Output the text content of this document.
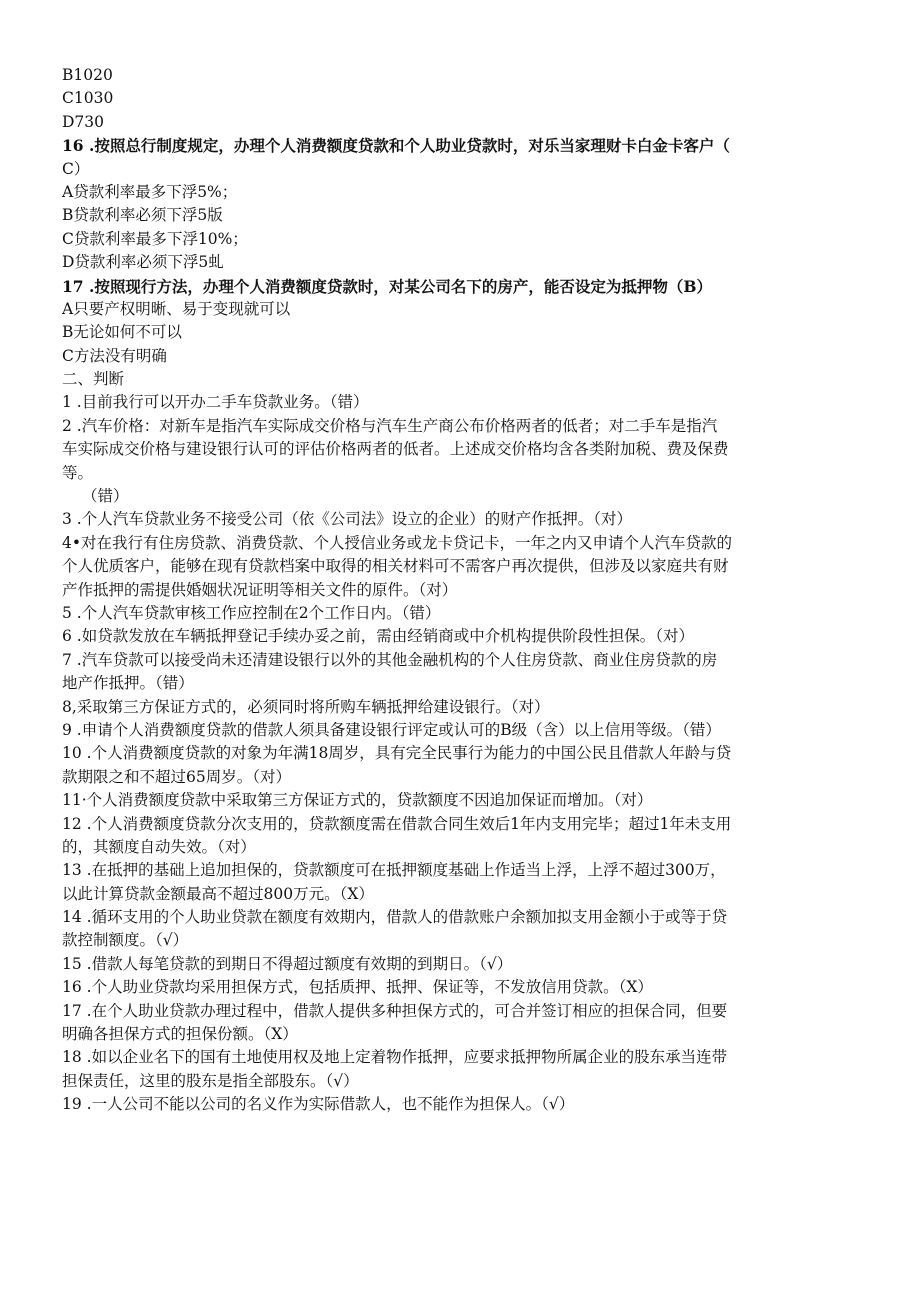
B1020
C1030
D730
16 .按照总行制度规定，办理个人消费额度贷款和个人助业贷款时，对乐当家理财卡白金卡客户（
C）
A贷款利率最多下浮5%；
B贷款利率必须下浮5版
C贷款利率最多下浮10%；
D贷款利率必须下浮5虬
17 .按照现行方法，办理个人消费额度贷款时，对某公司名下的房产，能否设定为抵押物（B）
A只要产权明晰、易于变现就可以
B无论如何不可以
C方法没有明确
二、判断
1 .目前我行可以开办二手车贷款业务。（错）
2 .汽车价格：对新车是指汽车实际成交价格与汽车生产商公布价格两者的低者；对二手车是指汽
车实际成交价格与建设银行认可的评估价格两者的低者。上述成交价格均含各类附加税、费及保费
等。
（错）
3 .个人汽车贷款业务不接受公司（依《公司法》设立的企业）的财产作抵押。（对）
4•对在我行有住房贷款、消费贷款、个人授信业务或龙卡贷记卡，一年之内又申请个人汽车贷款的
个人优质客户，能够在现有贷款档案中取得的相关材料可不需客户再次提供，但涉及以家庭共有财
产作抵押的需提供婚姻状况证明等相关文件的原件。（对）
5 .个人汽车贷款审核工作应控制在2个工作日内。（错）
6 .如贷款发放在车辆抵押登记手续办妥之前，需由经销商或中介机构提供阶段性担保。（对）
7 .汽车贷款可以接受尚未还清建设银行以外的其他金融机构的个人住房贷款、商业住房贷款的房
地产作抵押。（错）
8,采取第三方保证方式的，必须同时将所购车辆抵押给建设银行。（对）
9 .申请个人消费额度贷款的借款人须具备建设银行评定或认可的B级（含）以上信用等级。（错）
10 .个人消费额度贷款的对象为年满18周岁，具有完全民事行为能力的中国公民且借款人年龄与贷
款期限之和不超过65周岁。（对）
11·个人消费额度贷款中采取第三方保证方式的，贷款额度不因追加保证而增加。（对）
12 .个人消费额度贷款分次支用的，贷款额度需在借款合同生效后1年内支用完毕；超过1年未支用
的，其额度自动失效。（对）
13 .在抵押的基础上追加担保的，贷款额度可在抵押额度基础上作适当上浮，上浮不超过300万，
以此计算贷款金额最高不超过800万元。（X）
14 .循环支用的个人助业贷款在额度有效期内，借款人的借款账户余额加拟支用金额小于或等于贷
款控制额度。（√）
15 .借款人每笔贷款的到期日不得超过额度有效期的到期日。（√）
16 .个人助业贷款均采用担保方式，包括质押、抵押、保证等，不发放信用贷款。（X）
17 .在个人助业贷款办理过程中，借款人提供多种担保方式的，可合并签订相应的担保合同，但要
明确各担保方式的担保份额。（X）
18 .如以企业名下的国有土地使用权及地上定着物作抵押，应要求抵押物所属企业的股东承当连带
担保责任，这里的股东是指全部股东。（√）
19 .一人公司不能以公司的名义作为实际借款人，也不能作为担保人。（√）
